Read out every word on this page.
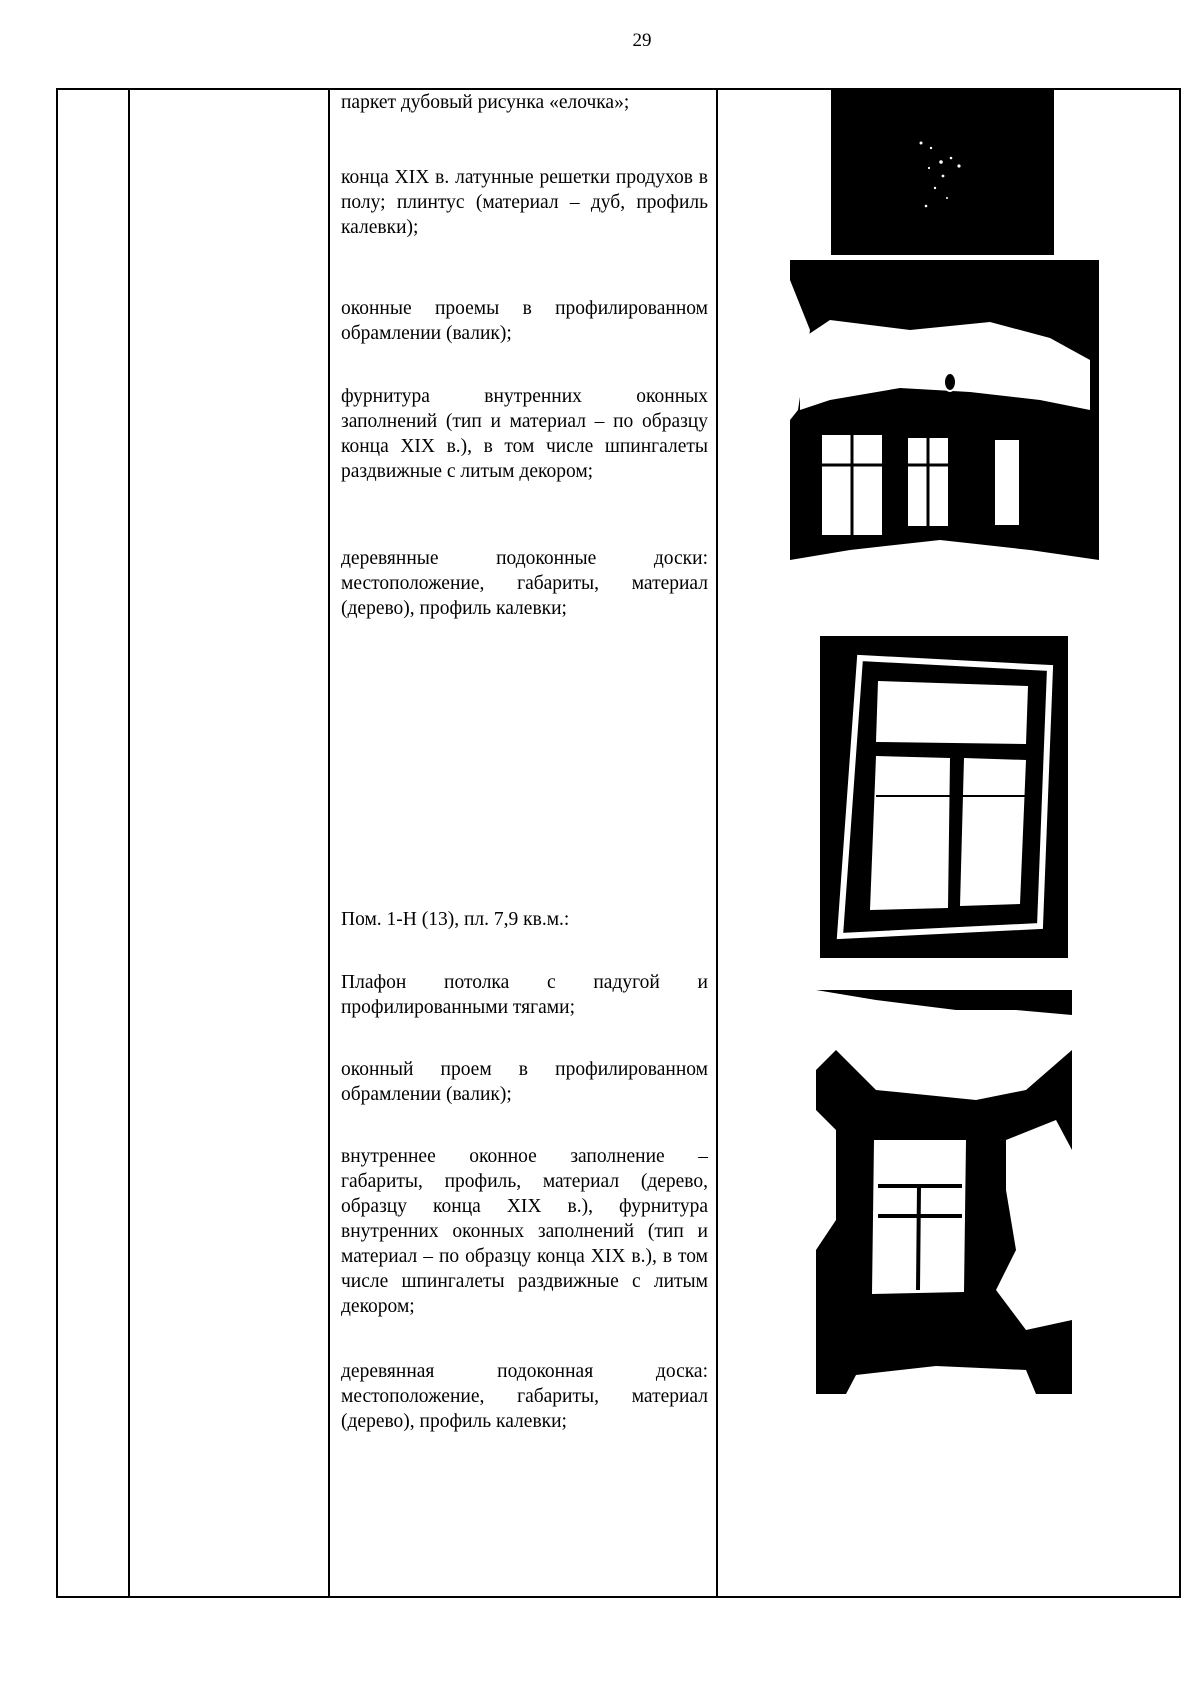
29
паркет дубовый рисунка «елочка»;
конца XIX в. латунные решетки продухов в полу; плинтус (материал – дуб, профиль калевки);
оконные проемы в профилированном обрамлении (валик);
фурнитура внутренних оконных заполнений (тип и материал – по образцу конца XIX в.), в том числе шпингалеты раздвижные с литым декором;
деревянные подоконные доски: местоположение, габариты, материал (дерево), профиль калевки;
Пом. 1-Н (13), пл. 7,9 кв.м.:
Плафон потолка с падугой и профилированными тягами;
оконный проем в профилированном обрамлении (валик);
внутреннее оконное заполнение – габариты, профиль, материал (дерево, образцу конца XIX в.), фурнитура внутренних оконных заполнений (тип и материал – по образцу конца XIX в.), в том числе шпингалеты раздвижные с литым декором;
деревянная подоконная доска: местоположение, габариты, материал (дерево), профиль калевки;
